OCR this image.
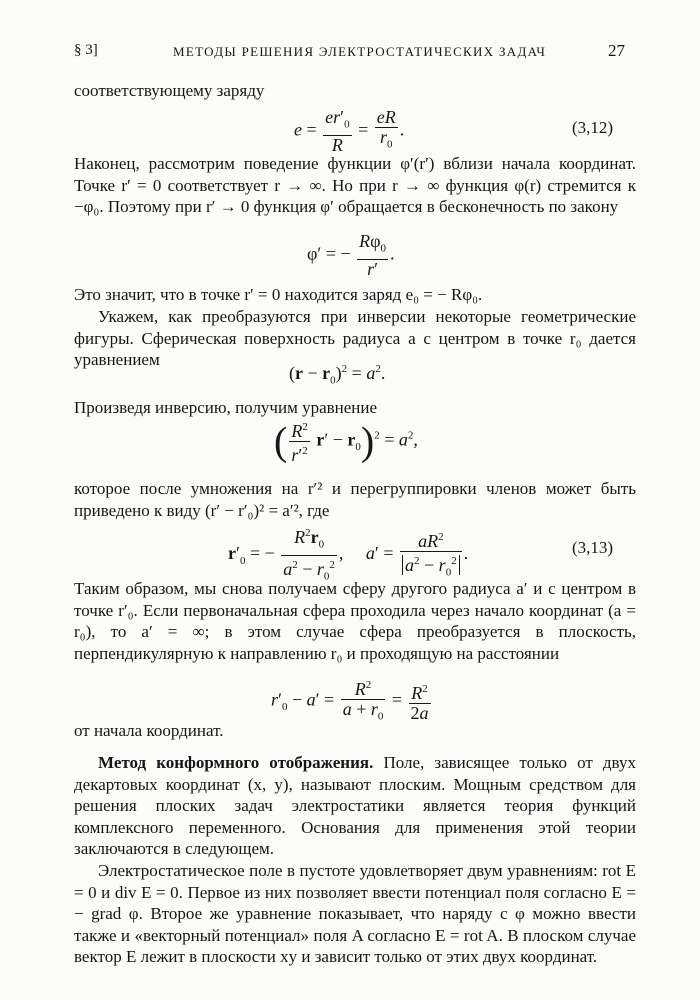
§ 3]	МЕТОДЫ РЕШЕНИЯ ЭЛЕКТРОСТАТИЧЕСКИХ ЗАДАЧ	27
соответствующему заряду
$e = \frac{er'_0}{R} = \frac{eR}{r_0}$ .	(3,12)
Наконец, рассмотрим поведение функции φ′(r′) вблизи начала координат. Точке r′ = 0 соответствует r → ∞. Но при r → ∞ функция φ(r) стремится к −φ₀. Поэтому при r′ → 0 функция φ′ обращается в бесконечность по закону
φ′ = − $\frac{R\varphi_0}{r'}$ .
Это значит, что в точке r′ = 0 находится заряд e₀ = − Rφ₀.
Укажем, как преобразуются при инверсии некоторые геометрические фигуры. Сферическая поверхность радиуса a с центром в точке r₀ дается уравнением
$(r - r_0)^2 = a^2$.
Произведя инверсию, получим уравнение
( $\frac{R^2}{r'^2} r' - r_0)^2 = a^2$,
которое после умножения на r′² и перегруппировки членов может быть приведено к виду (r′ − r′₀)² = a′², где
$r'_0$ = − $\frac{R^2r_0}{a^2 - r_0^2}$ ,     $a' = \frac{aR^2}{a^2 - r_0^2}$ .	(3,13)
Таким образом, мы снова получаем сферу другого радиуса a′ и с центром в точке r′₀. Если первоначальная сфера проходила через начало координат (a = r₀), то a′ = ∞; в этом случае сфера преобразуется в плоскость, перпендикулярную к направлению r₀ и проходящую на расстоянии
$r'_0 - a' = \frac{R^2}{a + r_0} = \frac{R^2}{2a}$
от начала координат.
Метод конформного отображения. Поле, зависящее только от двух декартовых координат (x, y), называют плоским. Мощным средством для решения плоских задач электростатики является теория функций комплексного переменного. Основания для применения этой теории заключаются в следующем.
Электростатическое поле в пустоте удовлетворяет двум уравнениям: rot E = 0 и div E = 0. Первое из них позволяет ввести потенциал поля согласно E = − grad φ. Второе же уравнение показывает, что наряду с φ можно ввести также и «векторный потенциал» поля A согласно E = rot A. В плоском случае вектор E лежит в плоскости xy и зависит только от этих двух координат.
